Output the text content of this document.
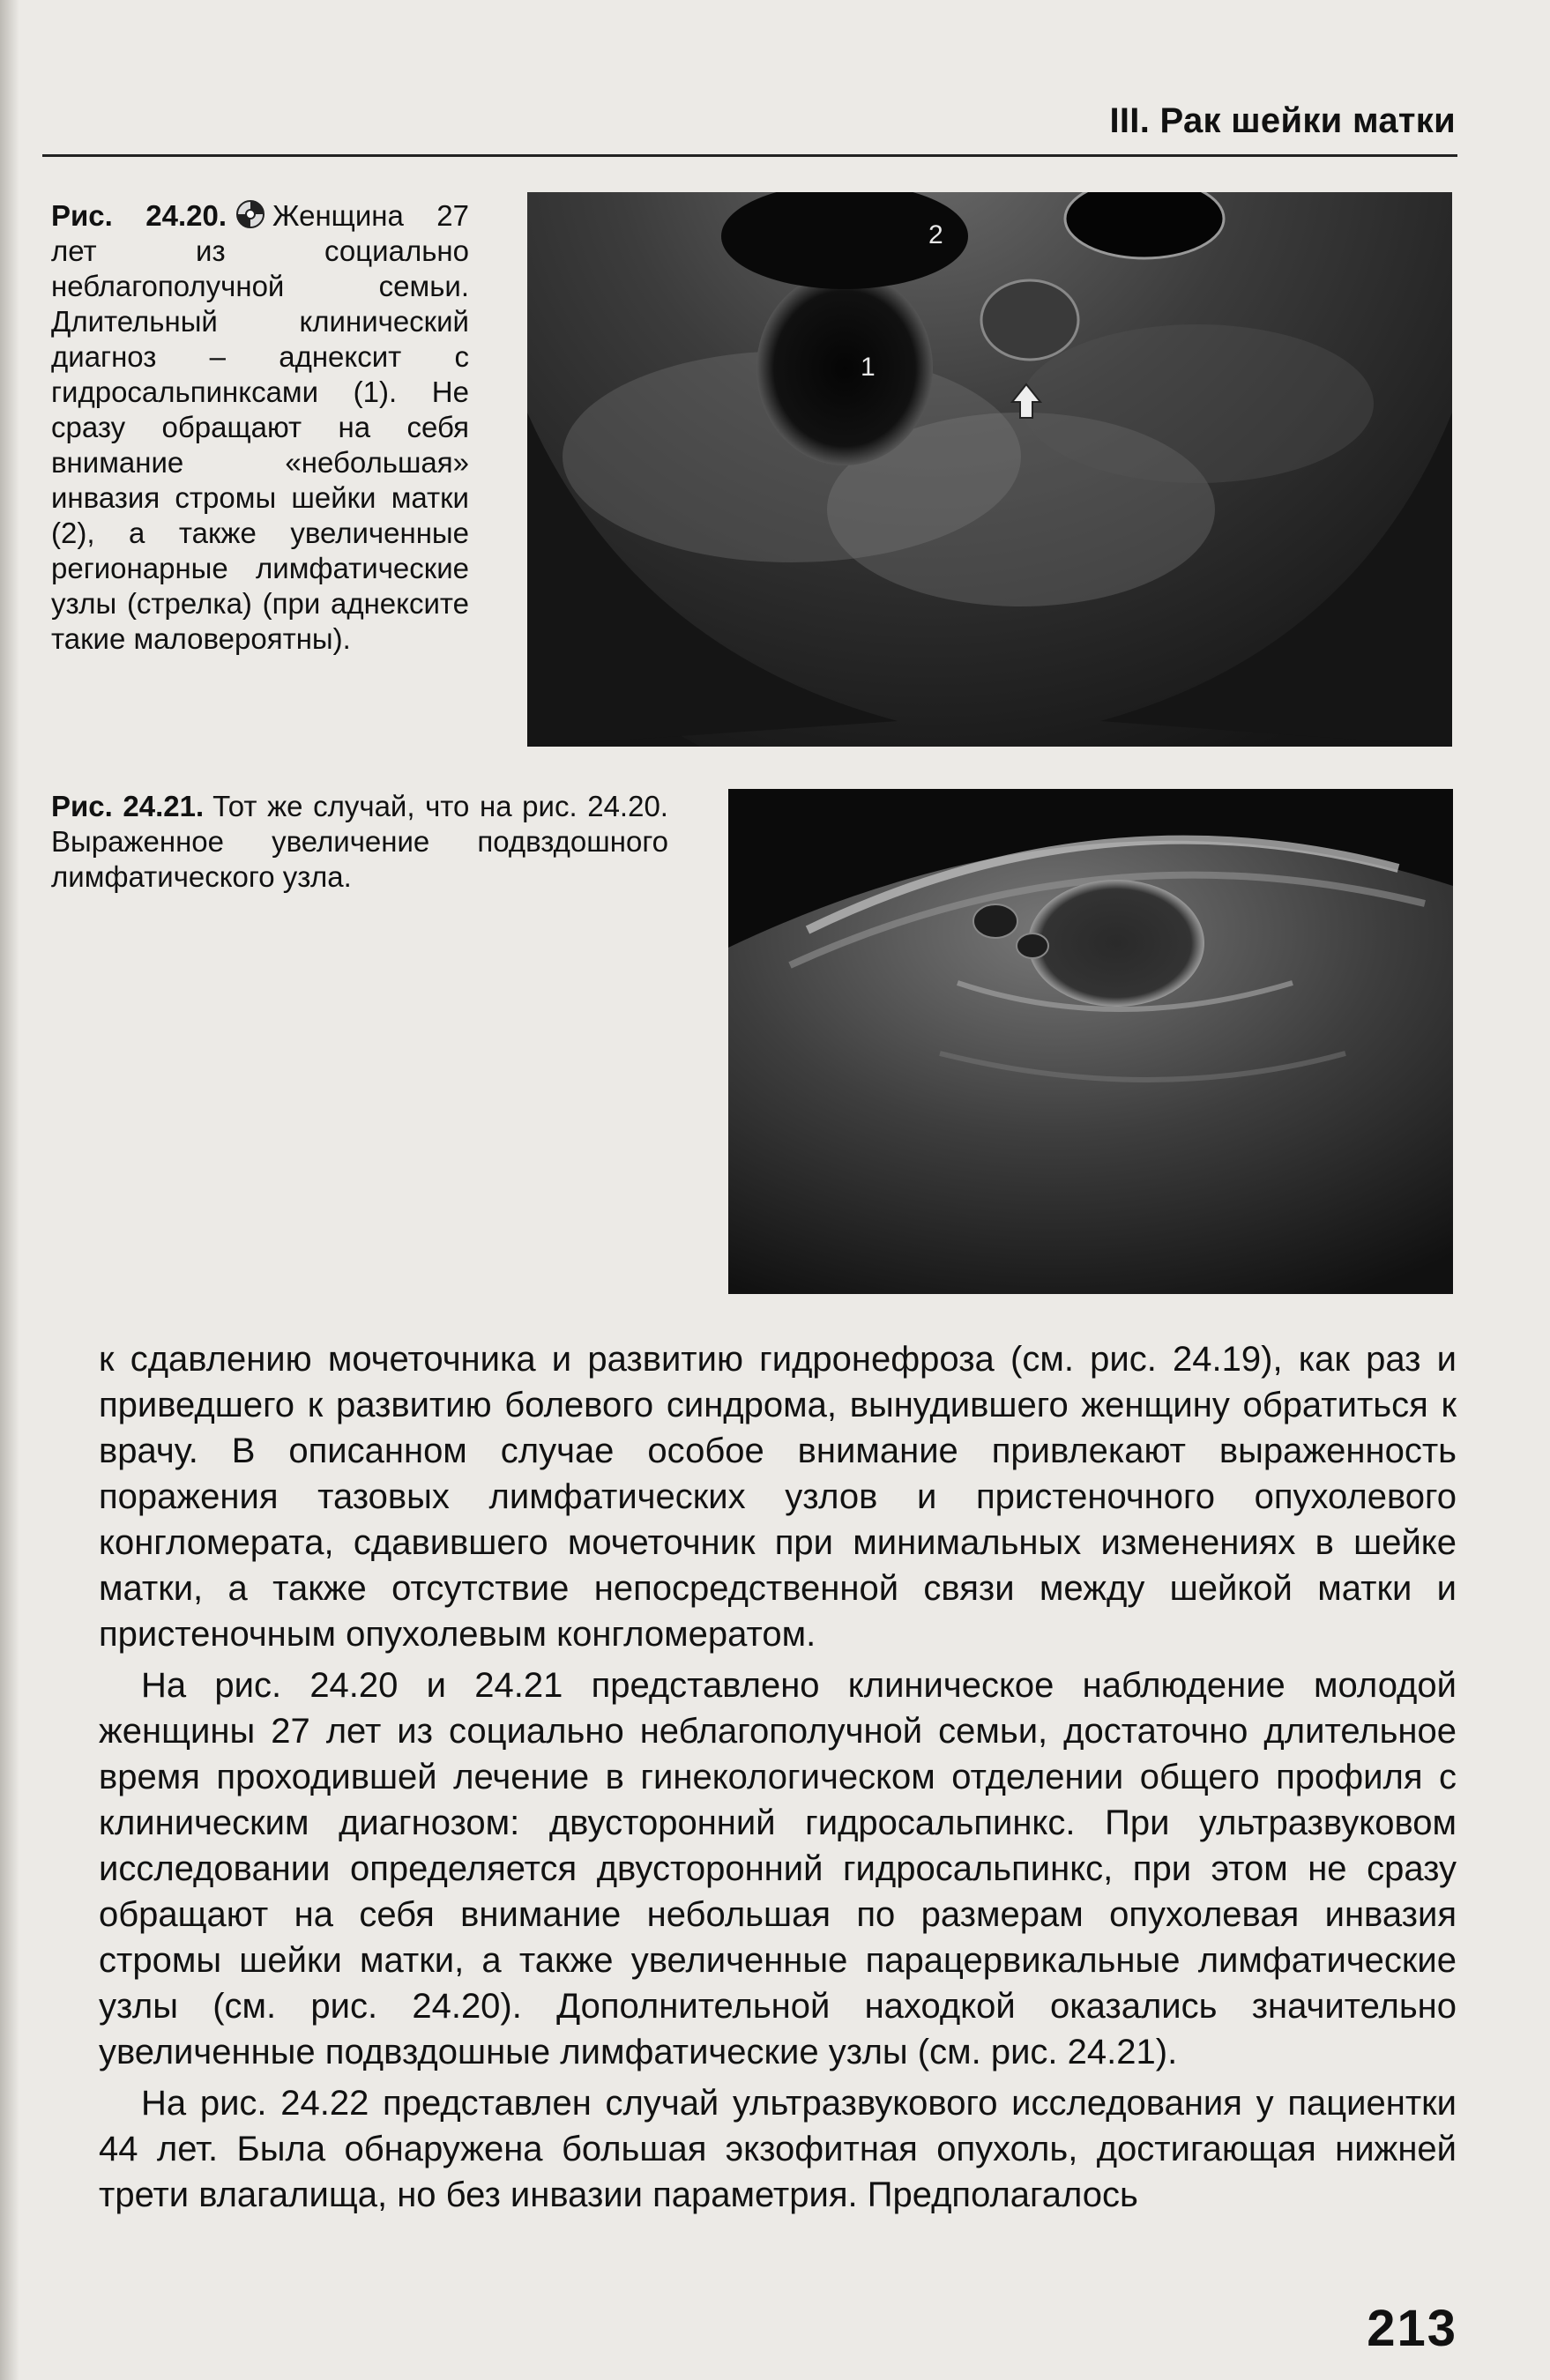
III. Рак шейки матки
Рис. 24.20. Женщина 27 лет из социально неблагополучной семьи. Длительный клинический диагноз – аднексит с гидросальпинксами (1). Не сразу обращают на себя внимание «небольшая» инвазия стромы шейки матки (2), а также увеличенные регионарные лимфатические узлы (стрелка) (при аднексите такие маловероятны).
1
2
Рис. 24.21. Тот же случай, что на рис. 24.20. Выраженное увеличение подвздошного лимфатического узла.

к сдавлению мочеточника и развитию гидронефроза (см. рис. 24.19), как раз и приведшего к развитию болевого синдрома, вынудившего женщину обратиться к врачу. В описанном случае особое внимание привлекают выраженность поражения тазовых лимфатических узлов и пристеночного опухолевого конгломерата, сдавившего мочеточник при минимальных изменениях в шейке матки, а также отсутствие непосредственной связи между шейкой матки и пристеночным опухолевым конгломератом.

На рис. 24.20 и 24.21 представлено клиническое наблюдение молодой женщины 27 лет из социально неблагополучной семьи, достаточно длительное время проходившей лечение в гинекологическом отделении общего профиля с клиническим диагнозом: двусторонний гидросальпинкс. При ультразвуковом исследовании определяется двусторонний гидросальпинкс, при этом не сразу обращают на себя внимание небольшая по размерам опухолевая инвазия стромы шейки матки, а также увеличенные парацервикальные лимфатические узлы (см. рис. 24.20). Дополнительной находкой оказались значительно увеличенные подвздошные лимфатические узлы (см. рис. 24.21).

На рис. 24.22 представлен случай ультразвукового исследования у пациентки 44 лет. Была обнаружена большая экзофитная опухоль, достигающая нижней трети влагалища, но без инвазии параметрия. Предполагалось

213
